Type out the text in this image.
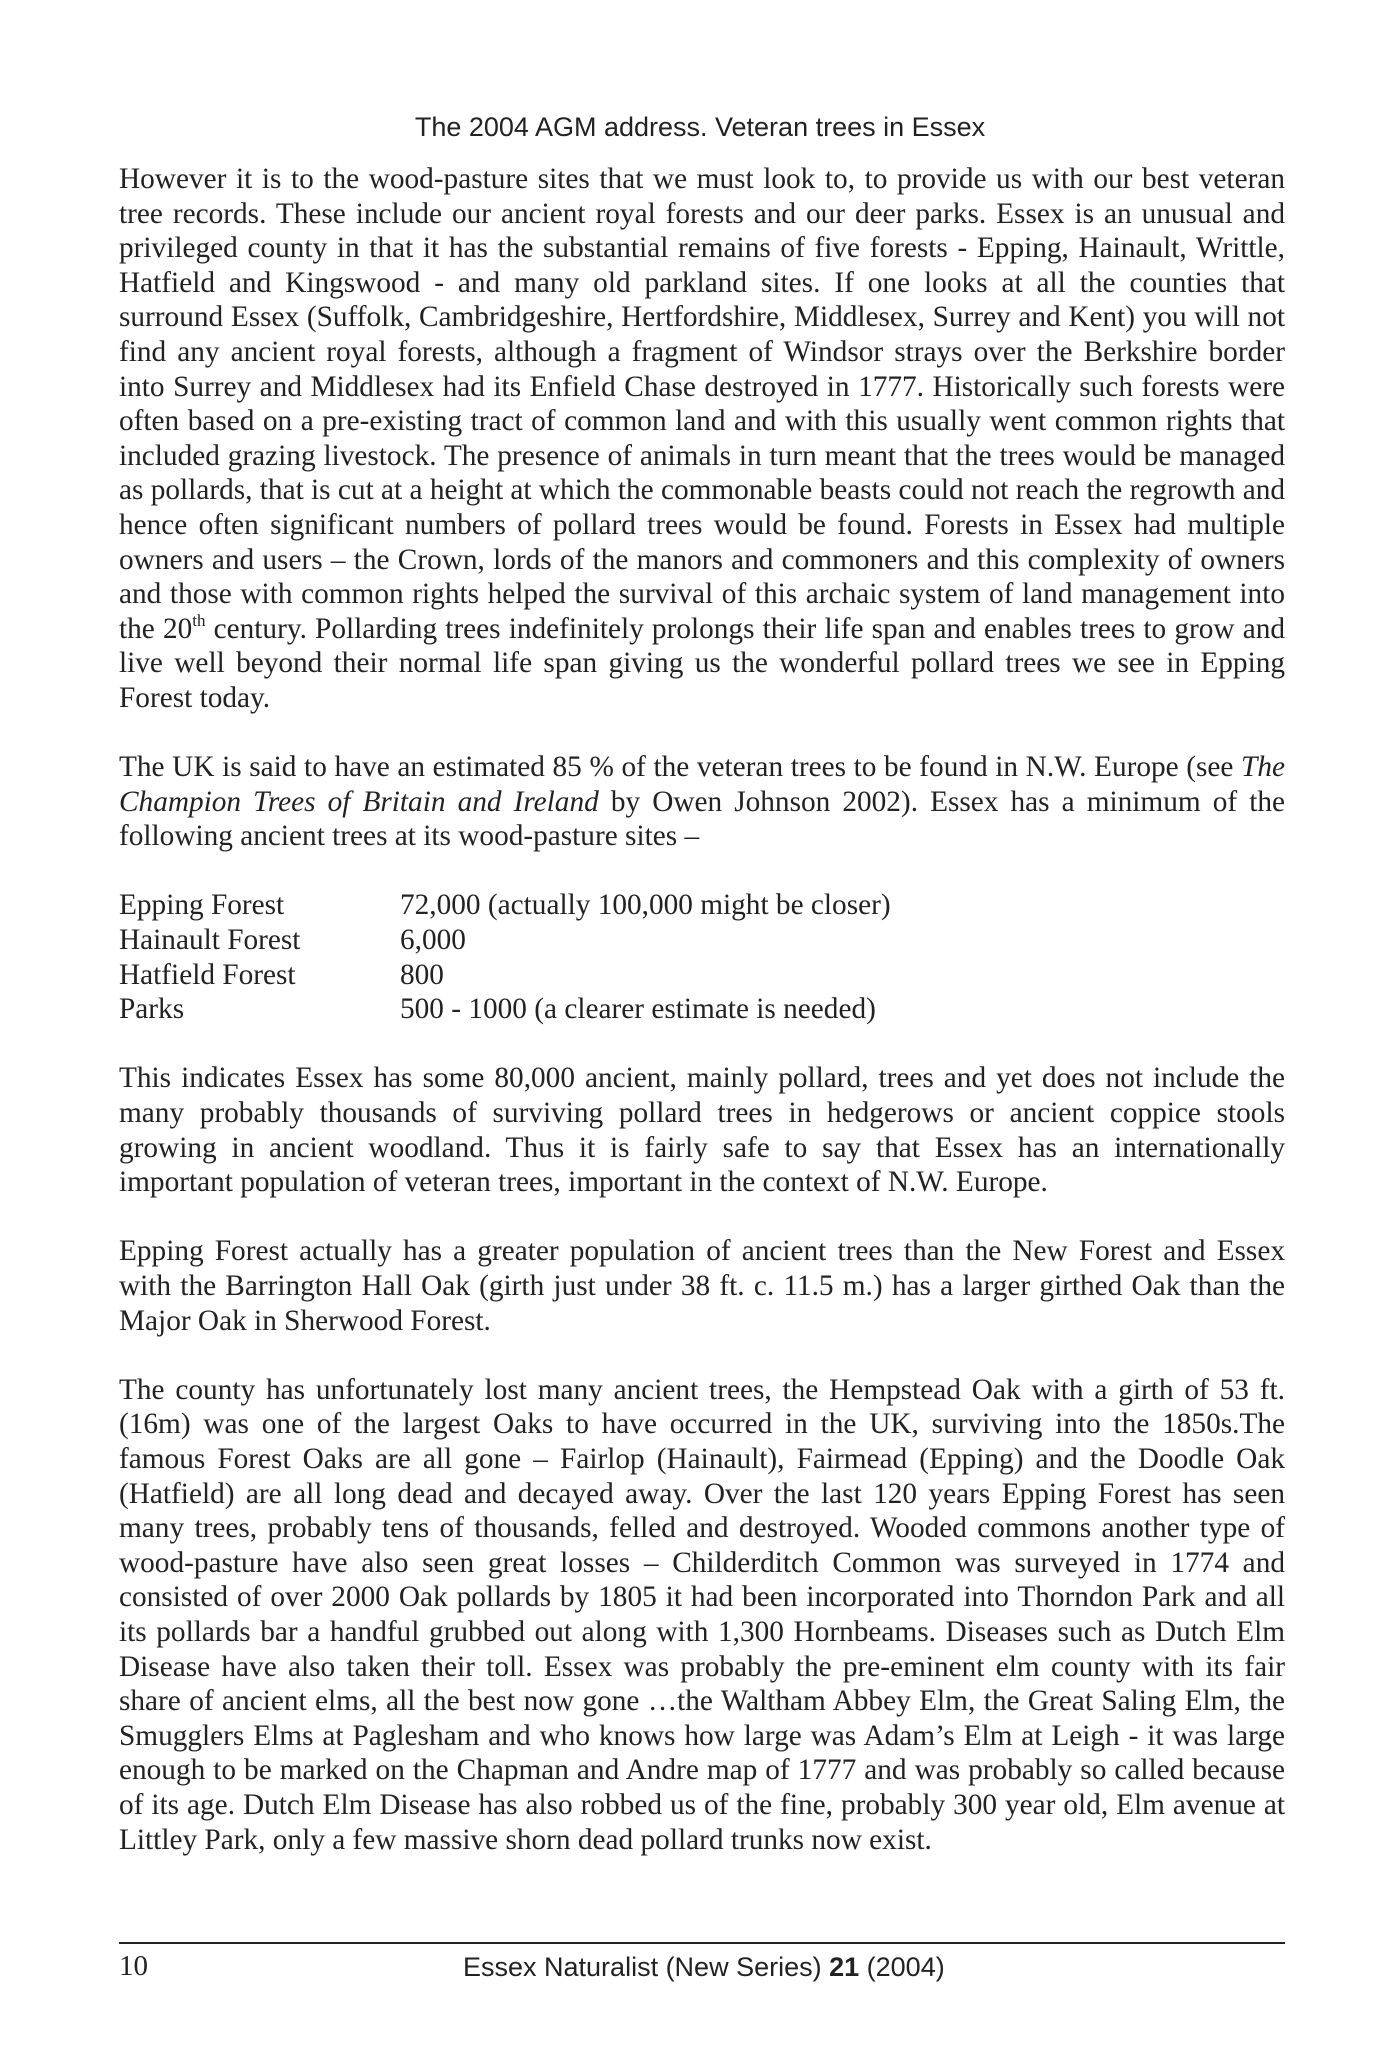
The 2004 AGM address. Veteran trees in Essex

However it is to the wood-pasture sites that we must look to, to provide us with our best veteran tree records. These include our ancient royal forests and our deer parks. Essex is an unusual and privileged county in that it has the substantial remains of five forests - Epping, Hainault, Writtle, Hatfield and Kingswood - and many old parkland sites. If one looks at all the counties that surround Essex (Suffolk, Cambridgeshire, Hertfordshire, Middlesex, Surrey and Kent) you will not find any ancient royal forests, although a fragment of Windsor strays over the Berkshire border into Surrey and Middlesex had its Enfield Chase destroyed in 1777. Historically such forests were often based on a pre-existing tract of common land and with this usually went common rights that included grazing livestock. The presence of animals in turn meant that the trees would be managed as pollards, that is cut at a height at which the commonable beasts could not reach the regrowth and hence often significant numbers of pollard trees would be found. Forests in Essex had multiple owners and users – the Crown, lords of the manors and commoners and this complexity of owners and those with common rights helped the survival of this archaic system of land management into the 20th century. Pollarding trees indefinitely prolongs their life span and enables trees to grow and live well beyond their normal life span giving us the wonderful pollard trees we see in Epping Forest today.

The UK is said to have an estimated 85 % of the veteran trees to be found in N.W. Europe (see The Champion Trees of Britain and Ireland by Owen Johnson 2002). Essex has a minimum of the following ancient trees at its wood-pasture sites –

Epping Forest	72,000 (actually 100,000 might be closer)
Hainault Forest	6,000
Hatfield Forest	800
Parks	500 - 1000 (a clearer estimate is needed)

This indicates Essex has some 80,000 ancient, mainly pollard, trees and yet does not include the many probably thousands of surviving pollard trees in hedgerows or ancient coppice stools growing in ancient woodland. Thus it is fairly safe to say that Essex has an internationally important population of veteran trees, important in the context of N.W. Europe.

Epping Forest actually has a greater population of ancient trees than the New Forest and Essex with the Barrington Hall Oak (girth just under 38 ft. c. 11.5 m.) has a larger girthed Oak than the Major Oak in Sherwood Forest.

The county has unfortunately lost many ancient trees, the Hempstead Oak with a girth of 53 ft. (16m) was one of the largest Oaks to have occurred in the UK, surviving into the 1850s.The famous Forest Oaks are all gone – Fairlop (Hainault), Fairmead (Epping) and the Doodle Oak (Hatfield) are all long dead and decayed away. Over the last 120 years Epping Forest has seen many trees, probably tens of thousands, felled and destroyed. Wooded commons another type of wood-pasture have also seen great losses – Childerditch Common was surveyed in 1774 and consisted of over 2000 Oak pollards by 1805 it had been incorporated into Thorndon Park and all its pollards bar a handful grubbed out along with 1,300 Hornbeams. Diseases such as Dutch Elm Disease have also taken their toll. Essex was probably the pre-eminent elm county with its fair share of ancient elms, all the best now gone …the Waltham Abbey Elm, the Great Saling Elm, the Smugglers Elms at Paglesham and who knows how large was Adam’s Elm at Leigh - it was large enough to be marked on the Chapman and Andre map of 1777 and was probably so called because of its age. Dutch Elm Disease has also robbed us of the fine, probably 300 year old, Elm avenue at Littley Park, only a few massive shorn dead pollard trunks now exist.

10	Essex Naturalist (New Series) 21 (2004)
